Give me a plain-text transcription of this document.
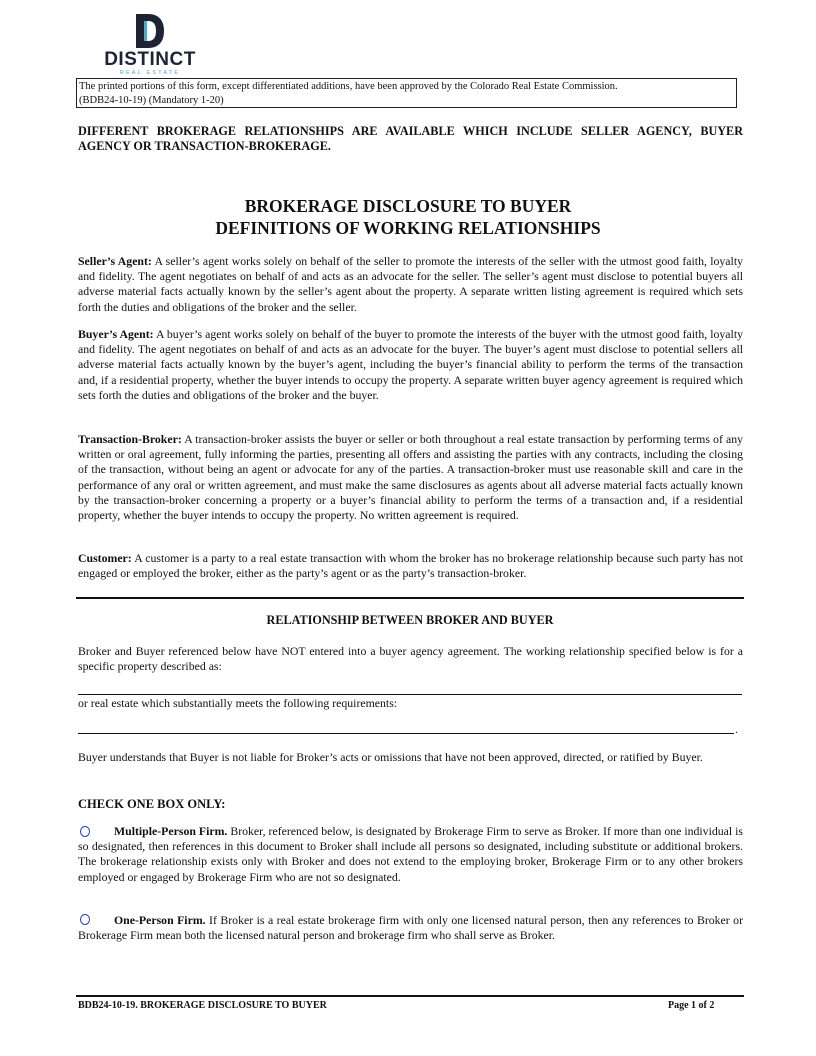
DISTINCT
REAL ESTATE
The printed portions of this form, except differentiated additions, have been approved by the Colorado Real Estate Commission.
(BDB24-10-19) (Mandatory 1-20)
DIFFERENT BROKERAGE RELATIONSHIPS ARE AVAILABLE WHICH INCLUDE SELLER AGENCY, BUYER AGENCY OR TRANSACTION-BROKERAGE.
BROKERAGE DISCLOSURE TO BUYER
DEFINITIONS OF WORKING RELATIONSHIPS
Seller’s Agent: A seller’s agent works solely on behalf of the seller to promote the interests of the seller with the utmost good faith, loyalty and fidelity. The agent negotiates on behalf of and acts as an advocate for the seller. The seller’s agent must disclose to potential buyers all adverse material facts actually known by the seller’s agent about the property. A separate written listing agreement is required which sets forth the duties and obligations of the broker and the seller.
Buyer’s Agent: A buyer’s agent works solely on behalf of the buyer to promote the interests of the buyer with the utmost good faith, loyalty and fidelity. The agent negotiates on behalf of and acts as an advocate for the buyer. The buyer’s agent must disclose to potential sellers all adverse material facts actually known by the buyer’s agent, including the buyer’s financial ability to perform the terms of the transaction and, if a residential property, whether the buyer intends to occupy the property. A separate written buyer agency agreement is required which sets forth the duties and obligations of the broker and the buyer.
Transaction-Broker: A transaction-broker assists the buyer or seller or both throughout a real estate transaction by performing terms of any written or oral agreement, fully informing the parties, presenting all offers and assisting the parties with any contracts, including the closing of the transaction, without being an agent or advocate for any of the parties. A transaction-broker must use reasonable skill and care in the performance of any oral or written agreement, and must make the same disclosures as agents about all adverse material facts actually known by the transaction-broker concerning a property or a buyer’s financial ability to perform the terms of a transaction and, if a residential property, whether the buyer intends to occupy the property. No written agreement is required.
Customer: A customer is a party to a real estate transaction with whom the broker has no brokerage relationship because such party has not engaged or employed the broker, either as the party’s agent or as the party’s transaction-broker.
RELATIONSHIP BETWEEN BROKER AND BUYER
Broker and Buyer referenced below have NOT entered into a buyer agency agreement. The working relationship specified below is for a specific property described as:
or real estate which substantially meets the following requirements:
.
Buyer understands that Buyer is not liable for Broker’s acts or omissions that have not been approved, directed, or ratified by Buyer.
CHECK ONE BOX ONLY:
Multiple-Person Firm. Broker, referenced below, is designated by Brokerage Firm to serve as Broker. If more than one individual is so designated, then references in this document to Broker shall include all persons so designated, including substitute or additional brokers. The brokerage relationship exists only with Broker and does not extend to the employing broker, Brokerage Firm or to any other brokers employed or engaged by Brokerage Firm who are not so designated.
One-Person Firm. If Broker is a real estate brokerage firm with only one licensed natural person, then any references to Broker or Brokerage Firm mean both the licensed natural person and brokerage firm who shall serve as Broker.
BDB24-10-19. BROKERAGE DISCLOSURE TO BUYER	Page 1 of 2
